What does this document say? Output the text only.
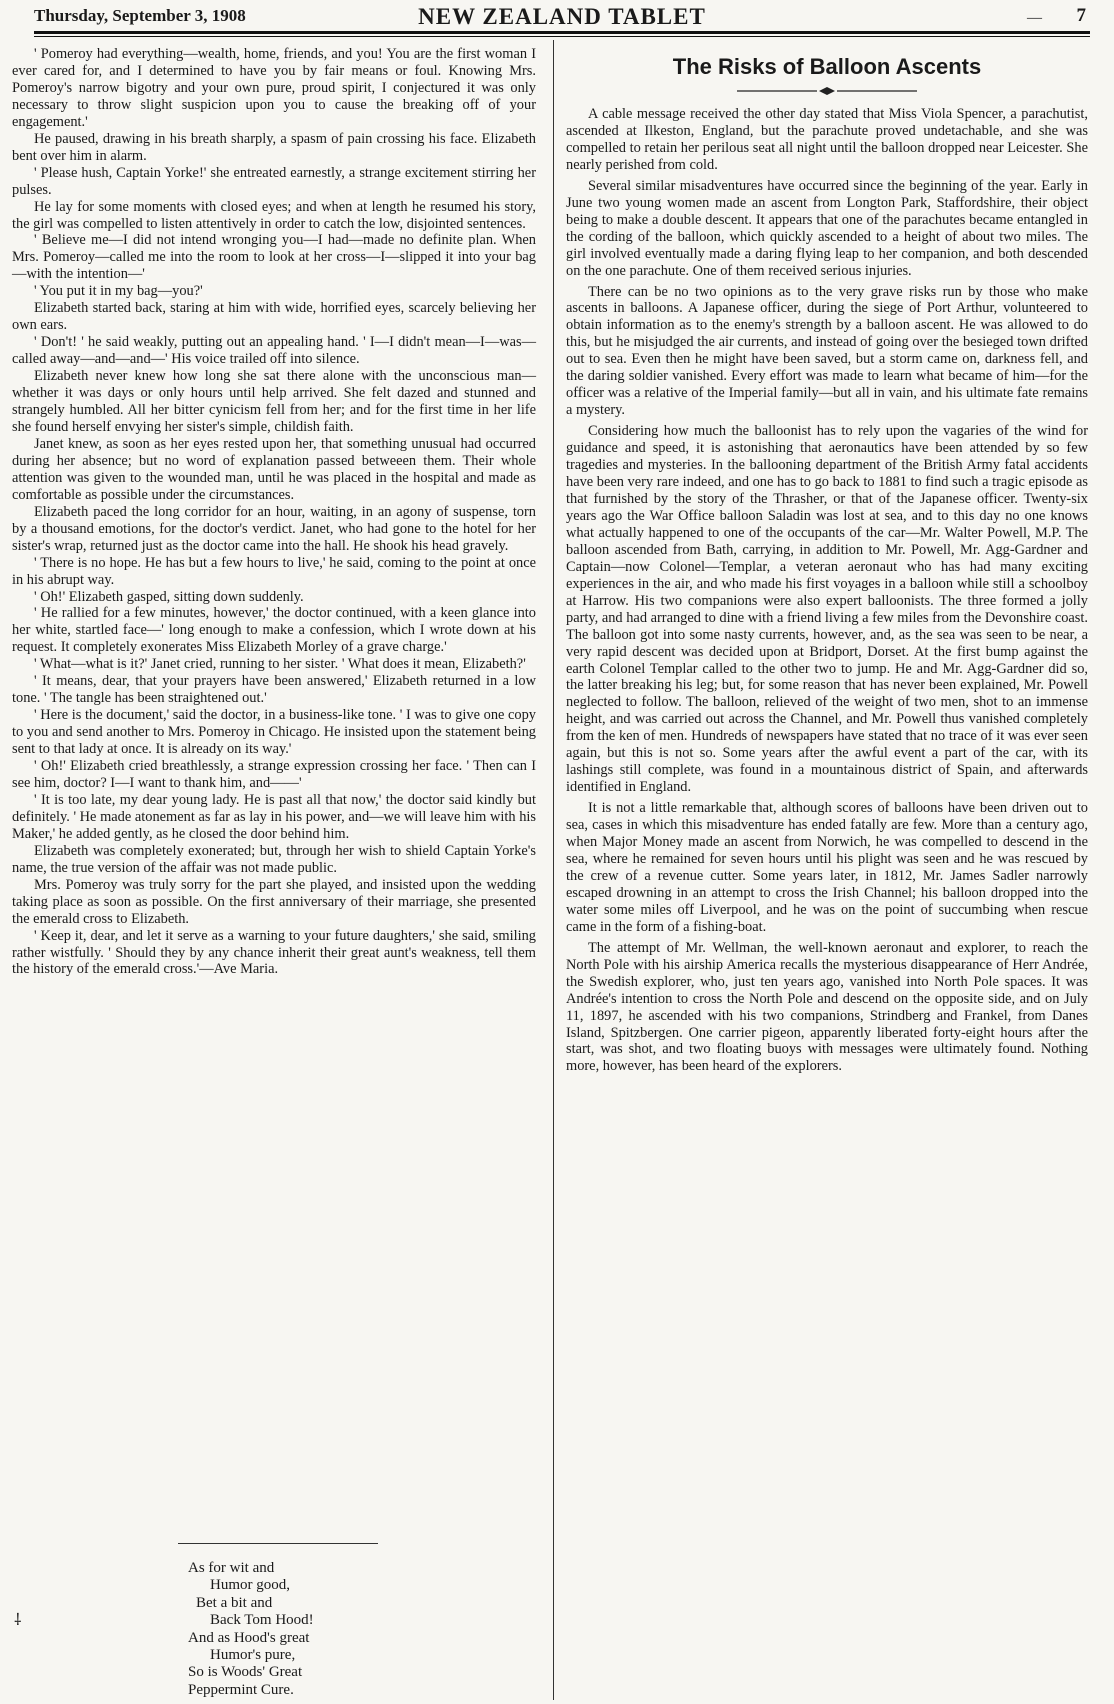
Thursday, September 3, 1908	NEW ZEALAND TABLET	— 7

' Pomeroy had everything—wealth, home, friends, and you! You are the first woman I ever cared for, and I determined to have you by fair means or foul. Knowing Mrs. Pomeroy's narrow bigotry and your own pure, proud spirit, I conjectured it was only necessary to throw slight suspicion upon you to cause the breaking off of your engagement.'

He paused, drawing in his breath sharply, a spasm of pain crossing his face. Elizabeth bent over him in alarm.

' Please hush, Captain Yorke!' she entreated earnestly, a strange excitement stirring her pulses.

He lay for some moments with closed eyes; and when at length he resumed his story, the girl was compelled to listen attentively in order to catch the low, disjointed sentences.

' Believe me—I did not intend wronging you—I had—made no definite plan. When Mrs. Pomeroy—called me into the room to look at her cross—I—slipped it into your bag—with the intention—'

' You put it in my bag—you?'

Elizabeth started back, staring at him with wide, horrified eyes, scarcely believing her own ears.

' Don't! ' he said weakly, putting out an appealing hand. ' I—I didn't mean—I—was—called away—and—and—' His voice trailed off into silence.

Elizabeth never knew how long she sat there alone with the unconscious man—whether it was days or only hours until help arrived. She felt dazed and stunned and strangely humbled. All her bitter cynicism fell from her; and for the first time in her life she found herself envying her sister's simple, childish faith.

Janet knew, as soon as her eyes rested upon her, that something unusual had occurred during her absence; but no word of explanation passed betweeen them. Their whole attention was given to the wounded man, until he was placed in the hospital and made as comfortable as possible under the circumstances.

Elizabeth paced the long corridor for an hour, waiting, in an agony of suspense, torn by a thousand emotions, for the doctor's verdict. Janet, who had gone to the hotel for her sister's wrap, returned just as the doctor came into the hall. He shook his head gravely.

' There is no hope. He has but a few hours to live,' he said, coming to the point at once in his abrupt way.

' Oh!' Elizabeth gasped, sitting down suddenly.

' He rallied for a few minutes, however,' the doctor continued, with a keen glance into her white, startled face—' long enough to make a confession, which I wrote down at his request. It completely exonerates Miss Elizabeth Morley of a grave charge.'

' What—what is it?' Janet cried, running to her sister. ' What does it mean, Elizabeth?'

' It means, dear, that your prayers have been answered,' Elizabeth returned in a low tone. ' The tangle has been straightened out.'

' Here is the document,' said the doctor, in a business-like tone. ' I was to give one copy to you and send another to Mrs. Pomeroy in Chicago. He insisted upon the statement being sent to that lady at once. It is already on its way.'

' Oh!' Elizabeth cried breathlessly, a strange expression crossing her face. ' Then can I see him, doctor? I—I want to thank him, and——'

' It is too late, my dear young lady. He is past all that now,' the doctor said kindly but definitely. ' He made atonement as far as lay in his power, and—we will leave him with his Maker,' he added gently, as he closed the door behind him.

Elizabeth was completely exonerated; but, through her wish to shield Captain Yorke's name, the true version of the affair was not made public.

Mrs. Pomeroy was truly sorry for the part she played, and insisted upon the wedding taking place as soon as possible. On the first anniversary of their marriage, she presented the emerald cross to Elizabeth.

' Keep it, dear, and let it serve as a warning to your future daughters,' she said, smiling rather wistfully. ' Should they by any chance inherit their great aunt's weakness, tell them the history of the emerald cross.'—Ave Maria.

As for wit and
Humor good,
Bet a bit and
Back Tom Hood!
And as Hood's great
Humor's pure,
So is Woods' Great
Peppermint Cure.
⸸
The Risks of Balloon Ascents

A cable message received the other day stated that Miss Viola Spencer, a parachutist, ascended at Ilkeston, England, but the parachute proved undetachable, and she was compelled to retain her perilous seat all night until the balloon dropped near Leicester. She nearly perished from cold.

Several similar misadventures have occurred since the beginning of the year. Early in June two young women made an ascent from Longton Park, Staffordshire, their object being to make a double descent. It appears that one of the parachutes became entangled in the cording of the balloon, which quickly ascended to a height of about two miles. The girl involved eventually made a daring flying leap to her companion, and both descended on the one parachute. One of them received serious injuries.

There can be no two opinions as to the very grave risks run by those who make ascents in balloons. A Japanese officer, during the siege of Port Arthur, volunteered to obtain information as to the enemy's strength by a balloon ascent. He was allowed to do this, but he misjudged the air currents, and instead of going over the besieged town drifted out to sea. Even then he might have been saved, but a storm came on, darkness fell, and the daring soldier vanished. Every effort was made to learn what became of him—for the officer was a relative of the Imperial family—but all in vain, and his ultimate fate remains a mystery.

Considering how much the balloonist has to rely upon the vagaries of the wind for guidance and speed, it is astonishing that aeronautics have been attended by so few tragedies and mysteries. In the ballooning department of the British Army fatal accidents have been very rare indeed, and one has to go back to 1881 to find such a tragic episode as that furnished by the story of the Thrasher, or that of the Japanese officer. Twenty-six years ago the War Office balloon Saladin was lost at sea, and to this day no one knows what actually happened to one of the occupants of the car—Mr. Walter Powell, M.P. The balloon ascended from Bath, carrying, in addition to Mr. Powell, Mr. Agg-Gardner and Captain—now Colonel—Templar, a veteran aeronaut who has had many exciting experiences in the air, and who made his first voyages in a balloon while still a schoolboy at Harrow. His two companions were also expert balloonists. The three formed a jolly party, and had arranged to dine with a friend living a few miles from the Devonshire coast. The balloon got into some nasty currents, however, and, as the sea was seen to be near, a very rapid descent was decided upon at Bridport, Dorset. At the first bump against the earth Colonel Templar called to the other two to jump. He and Mr. Agg-Gardner did so, the latter breaking his leg; but, for some reason that has never been explained, Mr. Powell neglected to follow. The balloon, relieved of the weight of two men, shot to an immense height, and was carried out across the Channel, and Mr. Powell thus vanished completely from the ken of men. Hundreds of newspapers have stated that no trace of it was ever seen again, but this is not so. Some years after the awful event a part of the car, with its lashings still complete, was found in a mountainous district of Spain, and afterwards identified in England.

It is not a little remarkable that, although scores of balloons have been driven out to sea, cases in which this misadventure has ended fatally are few. More than a century ago, when Major Money made an ascent from Norwich, he was compelled to descend in the sea, where he remained for seven hours until his plight was seen and he was rescued by the crew of a revenue cutter. Some years later, in 1812, Mr. James Sadler narrowly escaped drowning in an attempt to cross the Irish Channel; his balloon dropped into the water some miles off Liverpool, and he was on the point of succumbing when rescue came in the form of a fishing-boat.

The attempt of Mr. Wellman, the well-known aeronaut and explorer, to reach the North Pole with his airship America recalls the mysterious disappearance of Herr Andrée, the Swedish explorer, who, just ten years ago, vanished into North Pole spaces. It was Andrée's intention to cross the North Pole and descend on the opposite side, and on July 11, 1897, he ascended with his two companions, Strindberg and Frankel, from Danes Island, Spitzbergen. One carrier pigeon, apparently liberated forty-eight hours after the start, was shot, and two floating buoys with messages were ultimately found. Nothing more, however, has been heard of the explorers.
